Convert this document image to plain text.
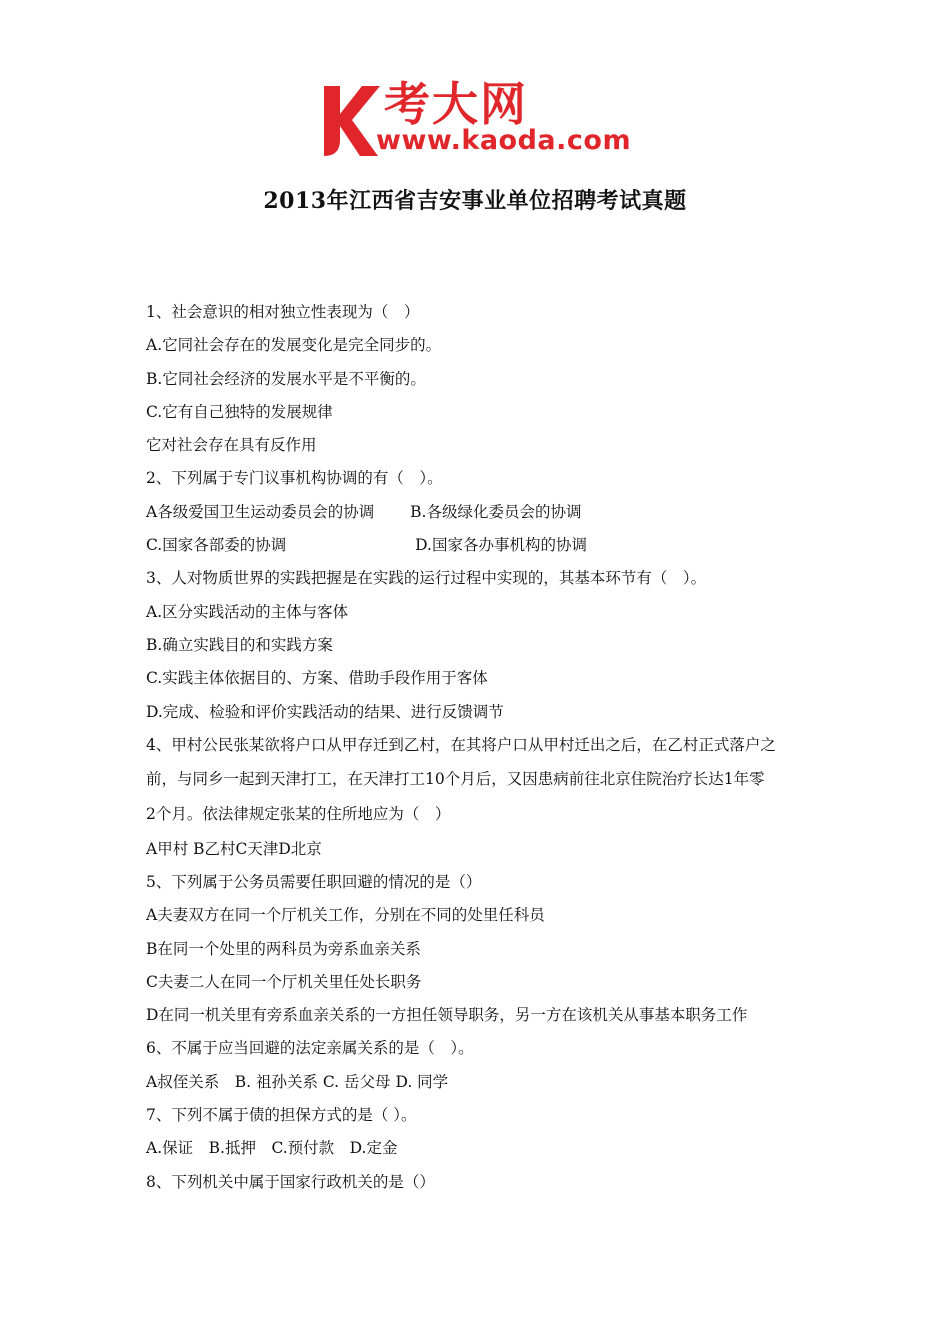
考大网
www.kaoda.com
2013年江西省吉安事业单位招聘考试真题

1、社会意识的相对独立性表现为（　）

A.它同社会存在的发展变化是完全同步的。

B.它同社会经济的发展水平是不平衡的。

C.它有自己独特的发展规律

它对社会存在具有反作用

2、下列属于专门议事机构协调的有（　）。

A各级爱国卫生运动委员会的协调　　 B.各级绿化委员会的协调

C.国家各部委的协调　　　　　　　　 D.国家各办事机构的协调

3、人对物质世界的实践把握是在实践的运行过程中实现的，其基本环节有（　）。

A.区分实践活动的主体与客体

B.确立实践目的和实践方案

C.实践主体依据目的、方案、借助手段作用于客体

D.完成、检验和评价实践活动的结果、进行反馈调节

4、甲村公民张某欲将户口从甲存迁到乙村，在其将户口从甲村迁出之后，在乙村正式落户之

前，与同乡一起到天津打工，在天津打工10个月后，又因患病前往北京住院治疗长达1年零

2个月。依法律规定张某的住所地应为（　）

A甲村 B乙村C天津D北京

5、下列属于公务员需要任职回避的情况的是（）

A夫妻双方在同一个厅机关工作，分别在不同的处里任科员

B在同一个处里的两科员为旁系血亲关系

C夫妻二人在同一个厅机关里任处长职务

D在同一机关里有旁系血亲关系的一方担任领导职务，另一方在该机关从事基本职务工作

6、不属于应当回避的法定亲属关系的是（　）。

A叔侄关系　B. 祖孙关系 C. 岳父母 D. 同学

7、下列不属于债的担保方式的是（ ）。

A.保证　B.抵押　C.预付款　D.定金

8、下列机关中属于国家行政机关的是（）
